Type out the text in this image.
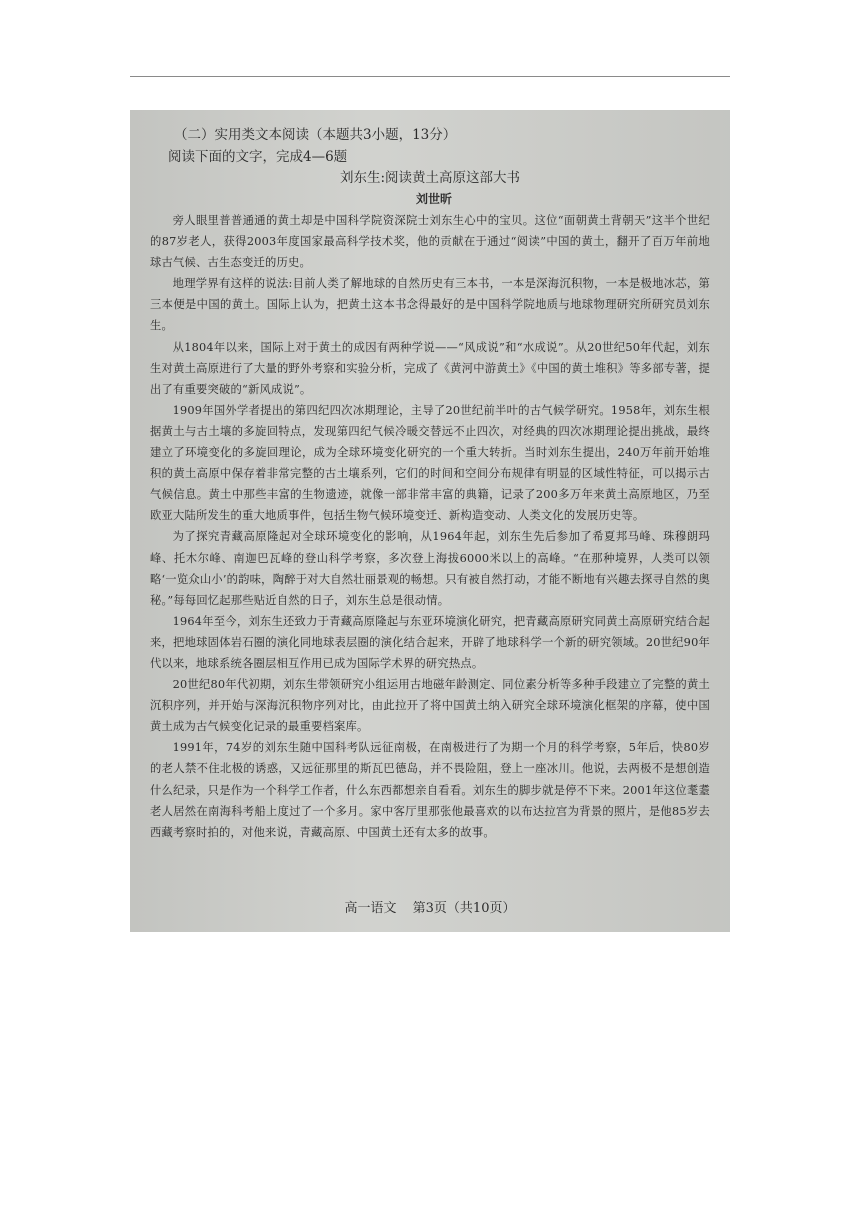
（二）实用类文本阅读（本题共3小题，13分）
阅读下面的文字，完成4—6题

刘东生:阅读黄土高原这部大书

刘世昕

旁人眼里普普通通的黄土却是中国科学院资深院士刘东生心中的宝贝。这位“面朝黄土背朝天”这半个世纪的87岁老人，获得2003年度国家最高科学技术奖，他的贡献在于通过“阅读”中国的黄土，翻开了百万年前地球古气候、古生态变迁的历史。

地理学界有这样的说法:目前人类了解地球的自然历史有三本书，一本是深海沉积物，一本是极地冰芯，第三本便是中国的黄土。国际上认为，把黄土这本书念得最好的是中国科学院地质与地球物理研究所研究员刘东生。

从1804年以来，国际上对于黄土的成因有两种学说——“风成说”和“水成说”。从20世纪50年代起，刘东生对黄土高原进行了大量的野外考察和实验分析，完成了《黄河中游黄土》《中国的黄土堆积》等多部专著，提出了有重要突破的“新风成说”。

1909年国外学者提出的第四纪四次冰期理论，主导了20世纪前半叶的古气候学研究。1958年，刘东生根据黄土与古土壤的多旋回特点，发现第四纪气候冷暖交替远不止四次，对经典的四次冰期理论提出挑战，最终建立了环境变化的多旋回理论，成为全球环境变化研究的一个重大转折。当时刘东生提出，240万年前开始堆积的黄土高原中保存着非常完整的古土壤系列，它们的时间和空间分布规律有明显的区域性特征，可以揭示古气候信息。黄土中那些丰富的生物遗迹，就像一部非常丰富的典籍，记录了200多万年来黄土高原地区，乃至欧亚大陆所发生的重大地质事件，包括生物气候环境变迁、新构造变动、人类文化的发展历史等。

为了探究青藏高原隆起对全球环境变化的影响，从1964年起，刘东生先后参加了希夏邦马峰、珠穆朗玛峰、托木尔峰、南迦巴瓦峰的登山科学考察，多次登上海拔6000米以上的高峰。“在那种境界，人类可以领略‘一览众山小’的韵味，陶醉于对大自然壮丽景观的畅想。只有被自然打动，才能不断地有兴趣去探寻自然的奥秘。”每每回忆起那些贴近自然的日子，刘东生总是很动情。

1964年至今，刘东生还致力于青藏高原隆起与东亚环境演化研究，把青藏高原研究同黄土高原研究结合起来，把地球固体岩石圈的演化同地球表层圈的演化结合起来，开辟了地球科学一个新的研究领域。20世纪90年代以来，地球系统各圈层相互作用已成为国际学术界的研究热点。

20世纪80年代初期，刘东生带领研究小组运用古地磁年龄测定、同位素分析等多种手段建立了完整的黄土沉积序列，并开始与深海沉积物序列对比，由此拉开了将中国黄土纳入研究全球环境演化框架的序幕，使中国黄土成为古气候变化记录的最重要档案库。

1991年，74岁的刘东生随中国科考队远征南极，在南极进行了为期一个月的科学考察，5年后，快80岁的老人禁不住北极的诱惑，又远征那里的斯瓦巴德岛，并不畏险阻，登上一座冰川。他说，去两极不是想创造什么纪录，只是作为一个科学工作者，什么东西都想亲自看看。刘东生的脚步就是停不下来。2001年这位耄耋老人居然在南海科考船上度过了一个多月。家中客厅里那张他最喜欢的以布达拉宫为背景的照片，是他85岁去西藏考察时拍的，对他来说，青藏高原、中国黄土还有太多的故事。

高一语文 第3页（共10页）
